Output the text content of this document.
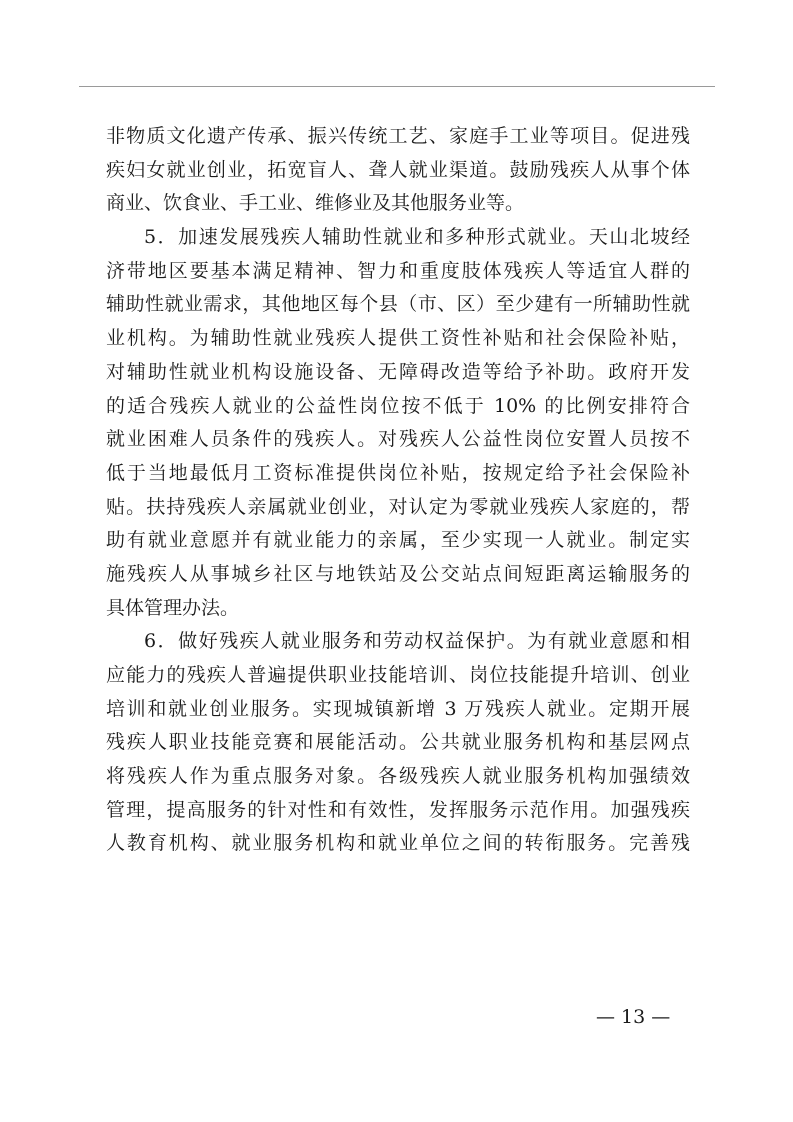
非物质文化遗产传承、振兴传统工艺、家庭手工业等项目。促进残
疾妇女就业创业，拓宽盲人、聋人就业渠道。鼓励残疾人从事个体
商业、饮食业、手工业、维修业及其他服务业等。
5．加速发展残疾人辅助性就业和多种形式就业。天山北坡经
济带地区要基本满足精神、智力和重度肢体残疾人等适宜人群的
辅助性就业需求，其他地区每个县（市、区）至少建有一所辅助性就
业机构。为辅助性就业残疾人提供工资性补贴和社会保险补贴，
对辅助性就业机构设施设备、无障碍改造等给予补助。政府开发
的适合残疾人就业的公益性岗位按不低于 10% 的比例安排符合
就业困难人员条件的残疾人。对残疾人公益性岗位安置人员按不
低于当地最低月工资标准提供岗位补贴，按规定给予社会保险补
贴。扶持残疾人亲属就业创业，对认定为零就业残疾人家庭的，帮
助有就业意愿并有就业能力的亲属，至少实现一人就业。制定实
施残疾人从事城乡社区与地铁站及公交站点间短距离运输服务的
具体管理办法。
6．做好残疾人就业服务和劳动权益保护。为有就业意愿和相
应能力的残疾人普遍提供职业技能培训、岗位技能提升培训、创业
培训和就业创业服务。实现城镇新增 3 万残疾人就业。定期开展
残疾人职业技能竞赛和展能活动。公共就业服务机构和基层网点
将残疾人作为重点服务对象。各级残疾人就业服务机构加强绩效
管理，提高服务的针对性和有效性，发挥服务示范作用。加强残疾
人教育机构、就业服务机构和就业单位之间的转衔服务。完善残
— 13 —
